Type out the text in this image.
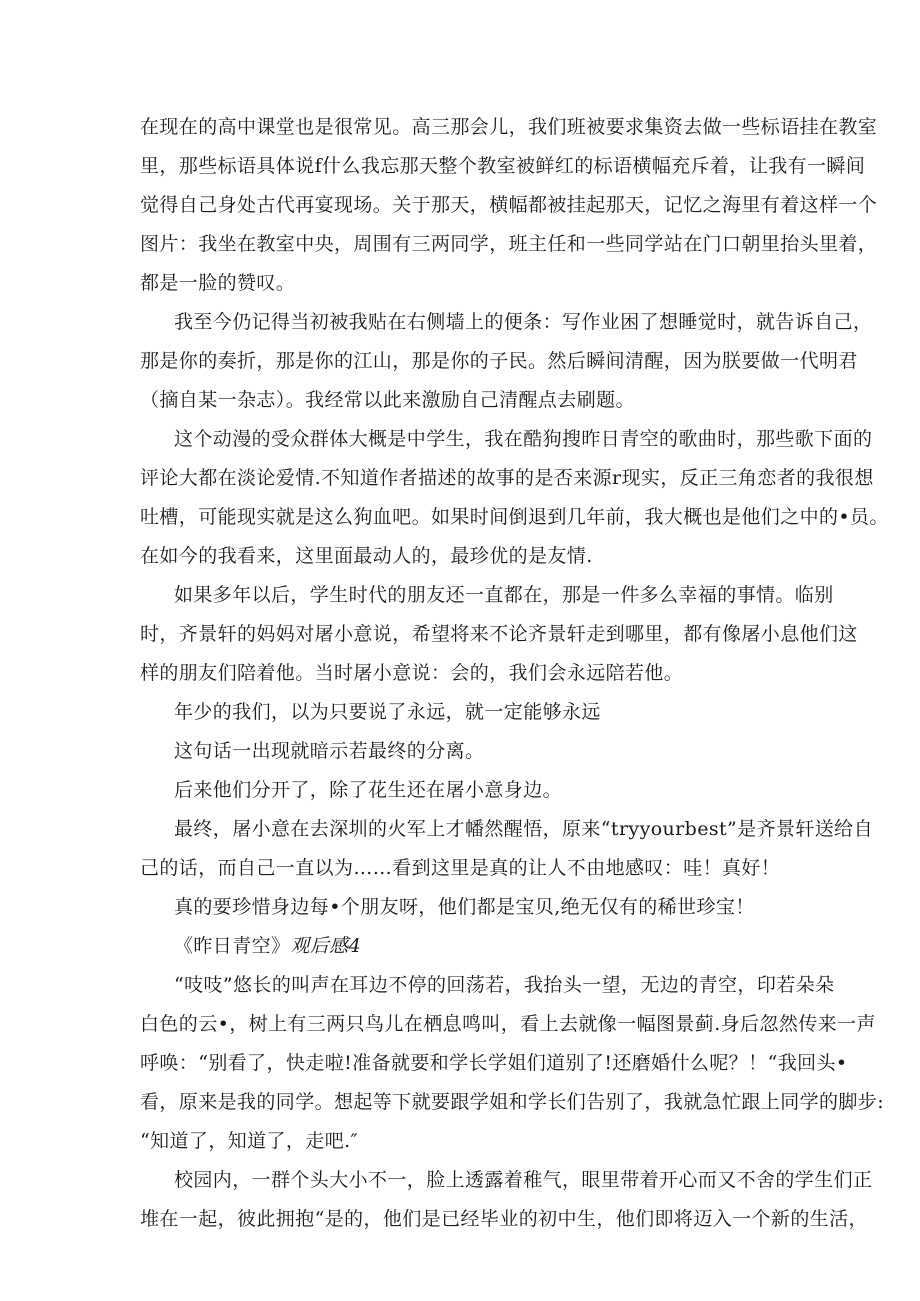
在现在的高中课堂也是很常见。高三那会儿，我们班被要求集资去做一些标语挂在教室
里，那些标语具体说f什么我忘那天整个教室被鲜红的标语横幅充斥着，让我有一瞬间
觉得自己身处古代再宴现场。关于那天，横幅都被挂起那天，记忆之海里有着这样一个
图片：我坐在教室中央，周围有三两同学，班主任和一些同学站在门口朝里抬头里着，
都是一脸的赞叹。
我至今仍记得当初被我贴在右侧墙上的便条：写作业困了想睡觉时，就告诉自己，
那是你的奏折，那是你的江山，那是你的子民。然后瞬间清醒，因为朕要做一代明君
（摘自某一杂志）。我经常以此来激励自己清醒点去刷题。
这个动漫的受众群体大概是中学生，我在酷狗搜昨日青空的歌曲时，那些歌下面的
评论大都在淡论爱情.不知道作者描述的故事的是否来源r现实，反正三角恋者的我很想
吐槽，可能现实就是这么狗血吧。如果时间倒退到几年前，我大概也是他们之中的•员。
在如今的我看来，这里面最动人的，最珍优的是友情.
如果多年以后，学生时代的朋友还一直都在，那是一件多么幸福的事情。临别
时，齐景轩的妈妈对屠小意说，希望将来不论齐景轩走到哪里，都有像屠小息他们这
样的朋友们陪着他。当时屠小意说：会的，我们会永远陪若他。
年少的我们，以为只要说了永远，就一定能够永远
这句话一出现就暗示若最终的分离。
后来他们分开了，除了花生还在屠小意身边。
最终，屠小意在去深圳的火军上才幡然醒悟，原来“tryyourbest”是齐景轩送给自
己的话，而自己一直以为……看到这里是真的让人不由地感叹：哇！真好！
真的要珍惜身边每•个朋友呀，他们都是宝贝,绝无仅有的稀世珍宝！
《昨日青空》观后感4
“吱吱”悠长的叫声在耳边不停的回荡若，我抬头一望，无边的青空，印若朵朵
白色的云•，树上有三两只鸟儿在栖息鸣叫，看上去就像一幅图景蓟.身后忽然传来一声
呼唤：“别看了，快走啦!准备就要和学长学姐们道别了!还磨婚什么呢？！“我回头•
看，原来是我的同学。想起等下就要跟学姐和学长们告别了，我就急忙跟上同学的脚步:
“知道了，知道了，走吧.″
校园内，一群个头大小不一，脸上透露着稚气，眼里带着开心而又不舍的学生们正
堆在一起，彼此拥抱“是的，他们是已经毕业的初中生，他们即将迈入一个新的生活，
